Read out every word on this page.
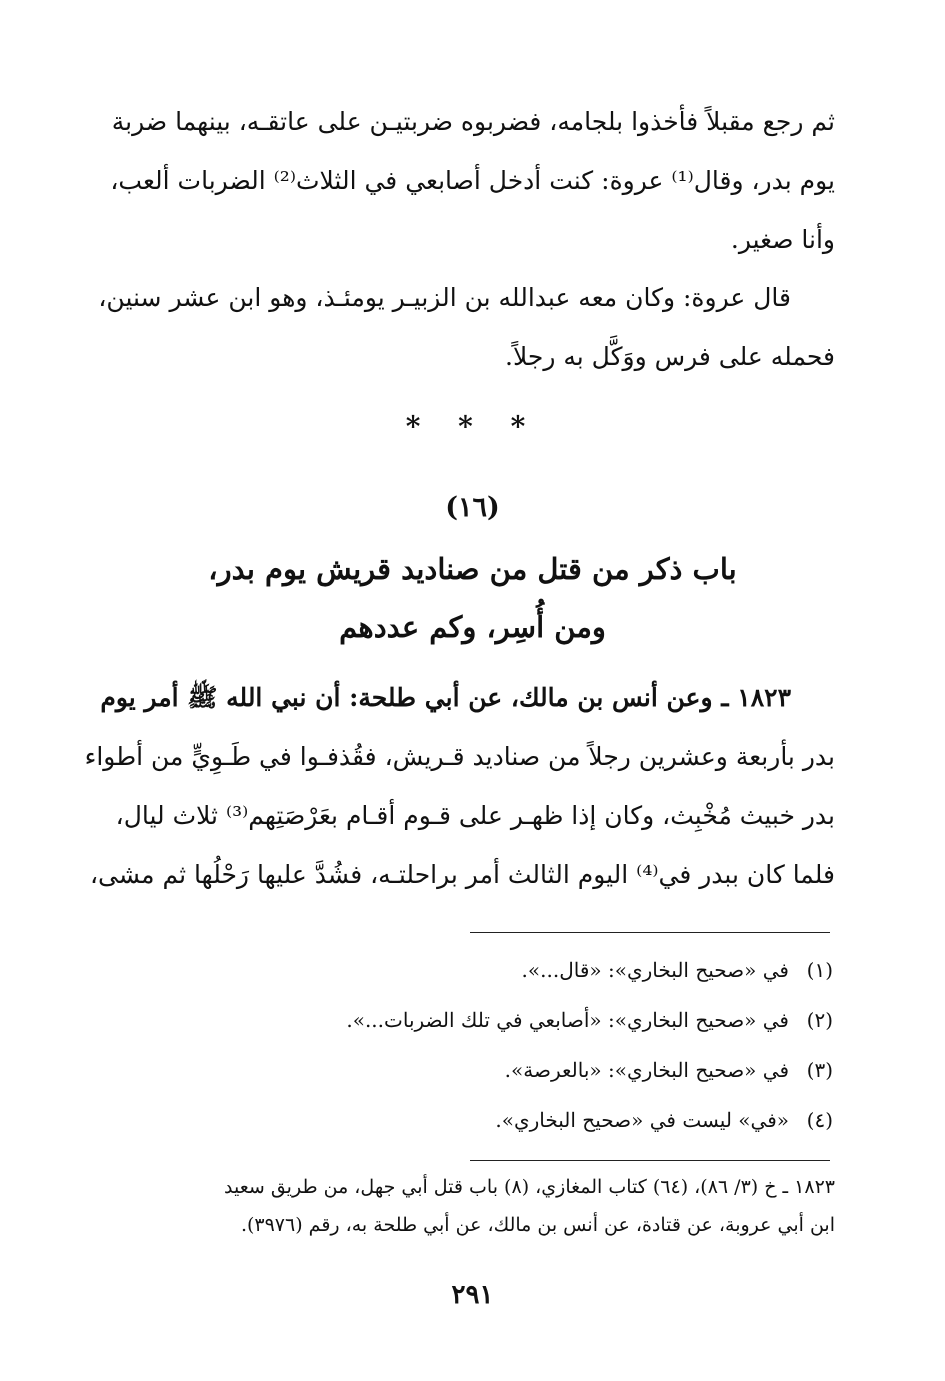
ثم رجع مقبلاً فأخذوا بلجامه، فضربوه ضربتيـن على عاتقـه، بينهما ضربة
يوم بدر، وقال⁽¹⁾ عروة: كنت أدخل أصابعي في الثلاث⁽²⁾ الضربات ألعب،
وأنا صغير.
قال عروة: وكان معه عبدالله بن الزبيـر يومئـذ، وهو ابن عشر سنين،
فحمله على فرس ووَكَّل به رجلاً.
* * *
(١٦)
باب ذكر من قتل من صناديد قريش يوم بدر،
ومن أُسِر، وكم عددهم
١٨٢٣ ـ وعن أنس بن مالك، عن أبي طلحة: أن نبي الله ﷺ أمر يوم
بدر بأربعة وعشرين رجلاً من صناديد قـريش، فقُذفـوا في طَـوِيٍّ من أطواء
بدر خبيث مُخْبِث، وكان إذا ظهـر على قـوم أقـام بعَرْصَتِهم⁽³⁾ ثلاث ليال،
فلما كان ببدر في⁽⁴⁾ اليوم الثالث أمر براحلتـه، فشُدَّ عليها رَحْلُها ثم مشى،
(١)في «صحيح البخاري»: «قال...».
(٢)في «صحيح البخاري»: «أصابعي في تلك الضربات...».
(٣)في «صحيح البخاري»: «بالعرصة».
(٤)«في» ليست في «صحيح البخاري».
١٨٢٣ ـ خ (٣/ ٨٦)، (٦٤) كتاب المغازي، (٨) باب قتل أبي جهل، من طريق سعيد
ابن أبي عروبة، عن قتادة، عن أنس بن مالك، عن أبي طلحة به، رقم (٣٩٧٦).
٢٩١
